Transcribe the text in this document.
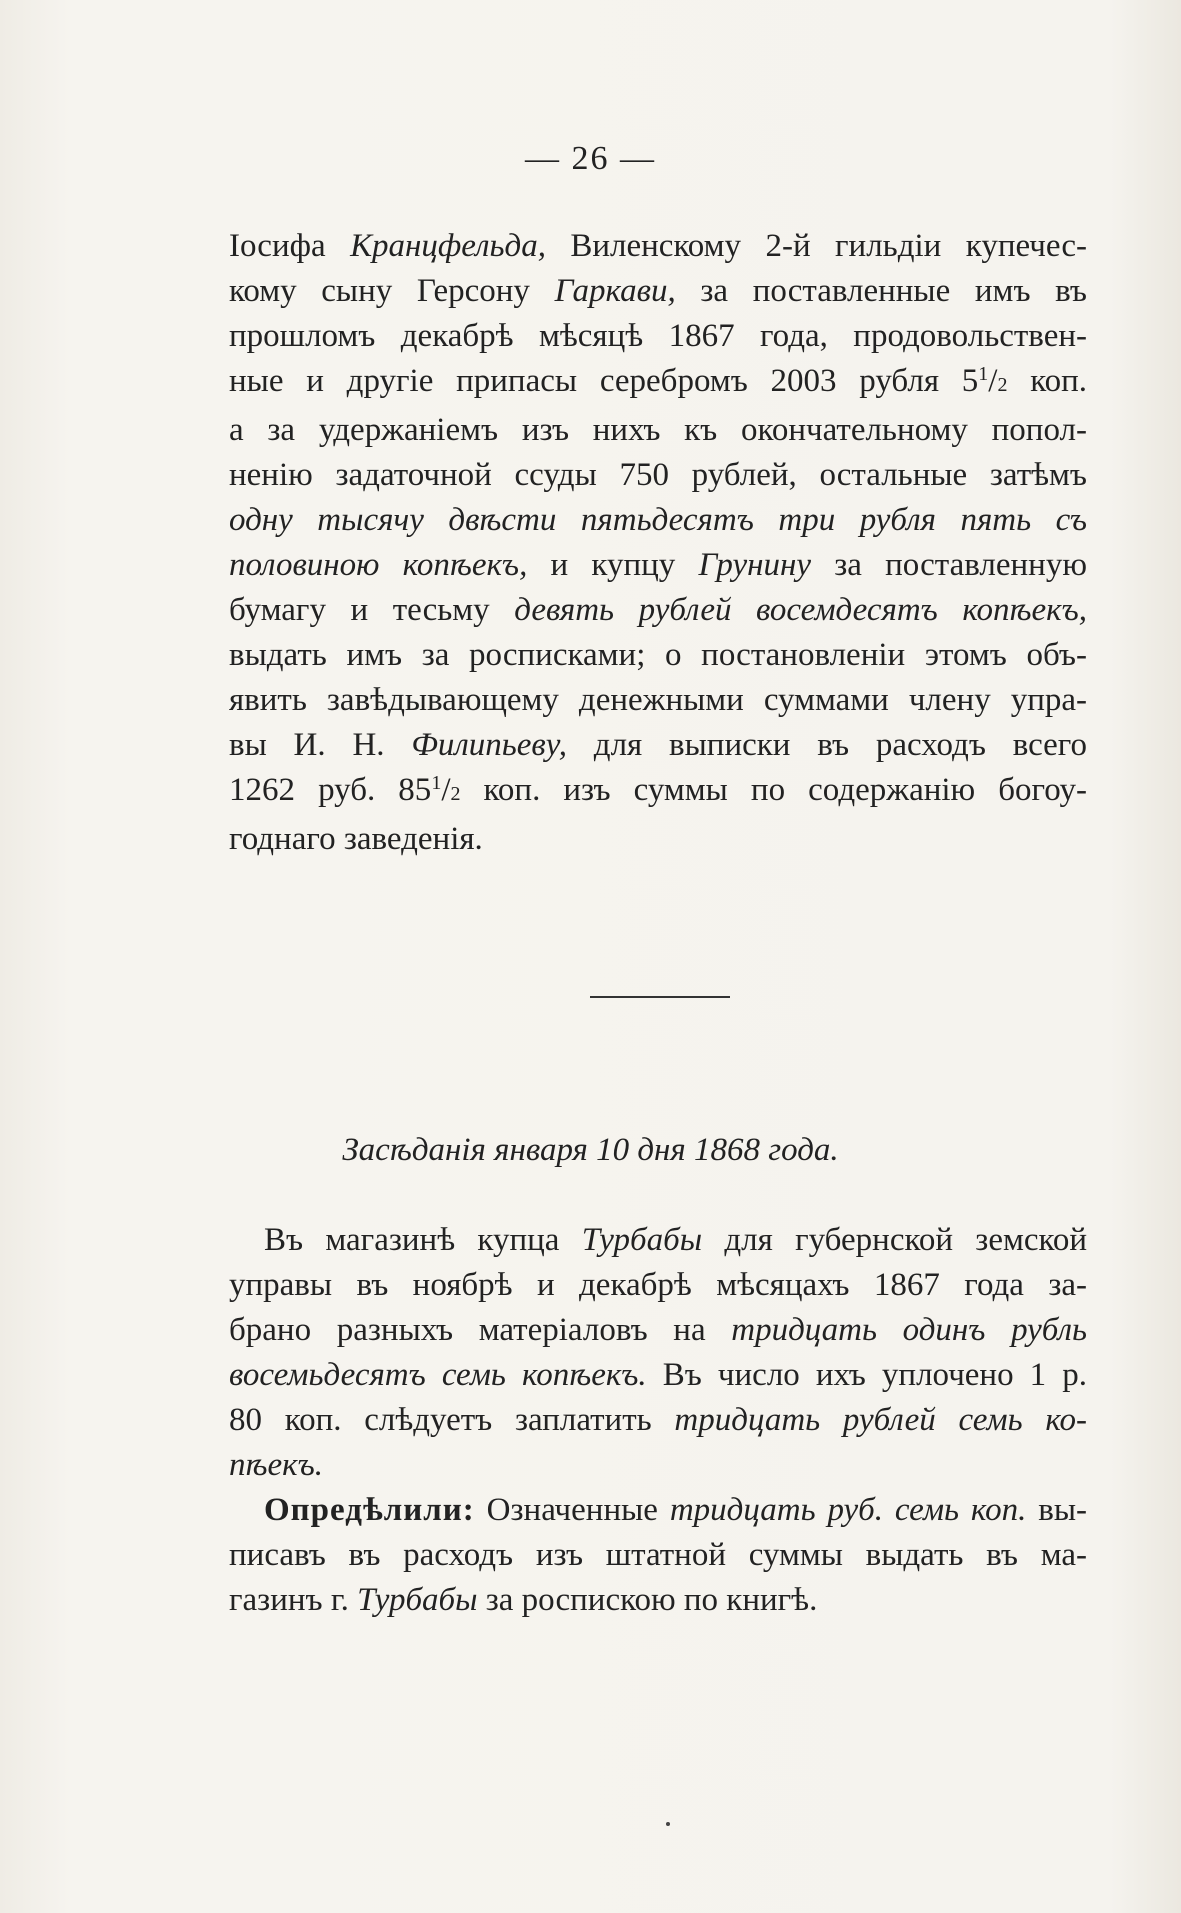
— 26 —
Іосифа Кранцфельда, Виленскому 2-й гильдіи купечес-
кому сыну Герсону Гаркави, за поставленные имъ въ
прошломъ декабрѣ мѣсяцѣ 1867 года, продовольствен-
ные и другіе припасы серебромъ 2003 рубля $5^1/2$ коп.
а за удержаніемъ изъ нихъ къ окончательному попол-
ненію задаточной ссуды 750 рублей, остальные затѣмъ
одну тысячу двѣсти пятьдесятъ три рубля пять съ
половиною копѣекъ, и купцу Грунину за поставленную
бумагу и тесьму девять рублей восемдесятъ копѣекъ,
выдать имъ за росписками; о постановленіи этомъ объ-
явить завѣдывающему денежными суммами члену упра-
вы И. Н. Филипьеву, для выписки въ расходъ всего
1262 руб. $85^1/2$ коп. изъ суммы по содержанію богоу-
годнаго заведенія.
Засѣданія января 10 дня 1868 года.
Въ магазинѣ купца Турбабы для губернской земской
управы въ ноябрѣ и декабрѣ мѣсяцахъ 1867 года за-
брано разныхъ матеріаловъ на тридцать одинъ рубль
восемьдесятъ семь копѣекъ. Въ число ихъ уплочено 1 р.
80 коп. слѣдуетъ заплатить тридцать рублей семь ко-
пѣекъ.
Опредѣлили: Означенные тридцать руб. семь коп. вы-
писавъ въ расходъ изъ штатной суммы выдать въ ма-
газинъ г. Турбабы за роспискою по книгѣ.
